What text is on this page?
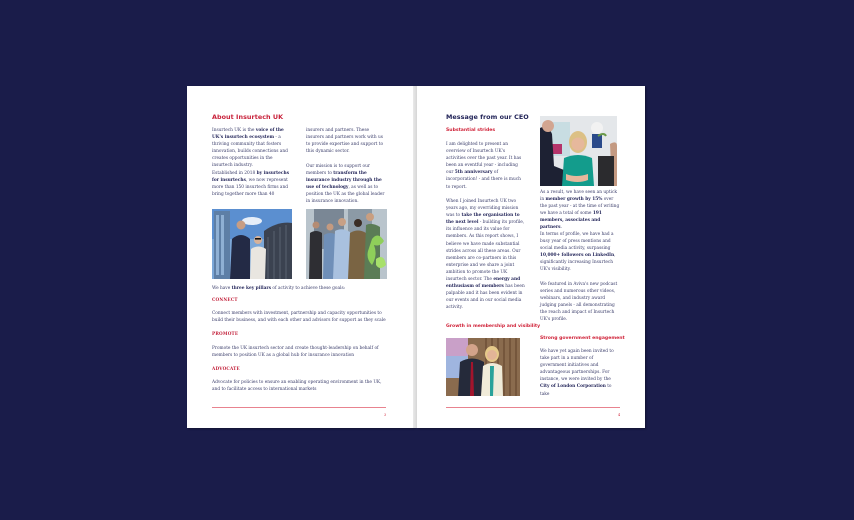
About Insurtech UK
Insurtech UK is the voice of the UK's insurtech ecosystem - a thriving community that fosters innovation, builds connections and creates opportunities in the insurtech industry.
Established in 2018 by insurtechs for insurtechs, we now represent more than 150 insurtech firms and bring together more than 40
insurers and partners. These insurers and partners work with us to provide expertise and support to this dynamic sector.
Our mission is to support our members to transform the insurance industry through the use of technology, as well as to position the UK as the global leader in insurance innovation.
We have three key pillars of activity to achieve these goals:
CONNECT
Connect members with investment, partnership and capacity opportunities to build their business, and with each other and advisors for support as they scale
PROMOTE
Promote the UK insurtech sector and create thought-leadership on behalf of members to position UK as a global hub for insurance innovation
ADVOCATE
Advocate for policies to ensure an enabling operating environment in the UK, and to facilitate access to international markets
3
Message from our CEO
Substantial strides
I am delighted to present an overview of Insurtech UK's activities over the past year. It has been an eventful year - including our 5th anniversary of incorporation! - and there is much to report.
When I joined Insurtech UK two years ago, my overriding mission was to take the organisation to the next level - building its profile, its influence and its value for members. As this report shows, I believe we have made substantial strides across all these areas. Our members are co-partners in this enterprise and we share a joint ambition to promote the UK insurtech sector. The energy and enthusiasm of members has been palpable and it has been evident in our events and in our social media activity.
Growth in membership and visibility
As a result, we have seen an uptick in member growth by 15% over the past year - at the time of writing we have a total of some 191 members, associates and partners.
In terms of profile, we have had a busy year of press mentions and social media activity, surpassing 10,000+ followers on LinkedIn, significantly increasing Insurtech UK's visibility.
We featured in Aviva's new podcast series and numerous other videos, webinars, and industry award judging panels - all demonstrating the reach and impact of Insurtech UK's profile.
Strong government engagement
We have yet again been invited to take part in a number of government initiatives and advantageous partnerships. For instance, we were invited by the City of London Corporation to take
4
